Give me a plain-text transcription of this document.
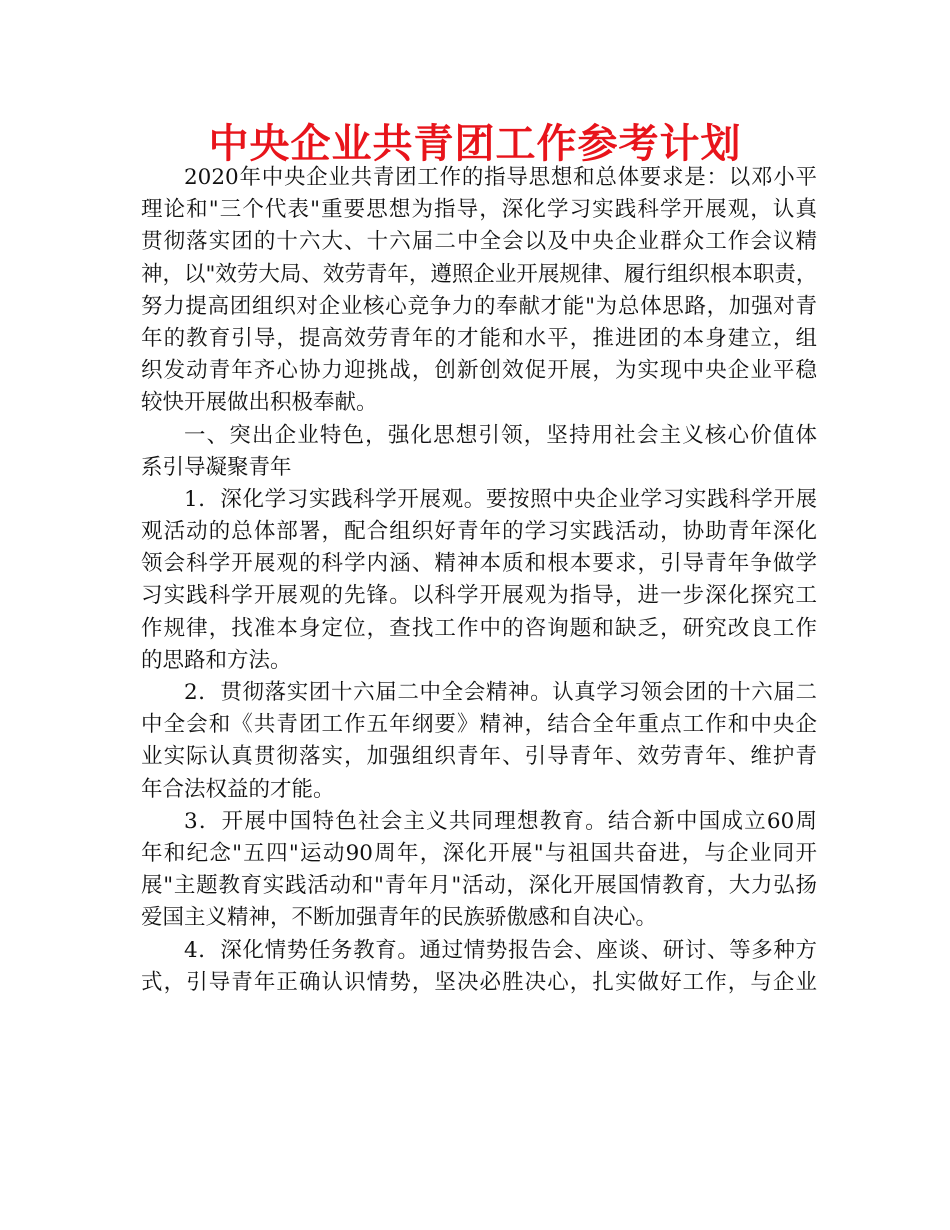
中央企业共青团工作参考计划
2020年中央企业共青团工作的指导思想和总体要求是：以邓小平
理论和"三个代表"重要思想为指导，深化学习实践科学开展观，认真
贯彻落实团的十六大、十六届二中全会以及中央企业群众工作会议精
神，以"效劳大局、效劳青年，遵照企业开展规律、履行组织根本职责，
努力提高团组织对企业核心竞争力的奉献才能"为总体思路，加强对青
年的教育引导，提高效劳青年的才能和水平，推进团的本身建立，组
织发动青年齐心协力迎挑战，创新创效促开展，为实现中央企业平稳
较快开展做出积极奉献。
一、突出企业特色，强化思想引领，坚持用社会主义核心价值体
系引导凝聚青年
1．深化学习实践科学开展观。要按照中央企业学习实践科学开展
观活动的总体部署，配合组织好青年的学习实践活动，协助青年深化
领会科学开展观的科学内涵、精神本质和根本要求，引导青年争做学
习实践科学开展观的先锋。以科学开展观为指导，进一步深化探究工
作规律，找准本身定位，查找工作中的咨询题和缺乏，研究改良工作
的思路和方法。
2．贯彻落实团十六届二中全会精神。认真学习领会团的十六届二
中全会和《共青团工作五年纲要》精神，结合全年重点工作和中央企
业实际认真贯彻落实，加强组织青年、引导青年、效劳青年、维护青
年合法权益的才能。
3．开展中国特色社会主义共同理想教育。结合新中国成立60周
年和纪念"五四"运动90周年，深化开展"与祖国共奋进，与企业同开
展"主题教育实践活动和"青年月"活动，深化开展国情教育，大力弘扬
爱国主义精神，不断加强青年的民族骄傲感和自决心。
4．深化情势任务教育。通过情势报告会、座谈、研讨、等多种方
式，引导青年正确认识情势，坚决必胜决心，扎实做好工作，与企业
